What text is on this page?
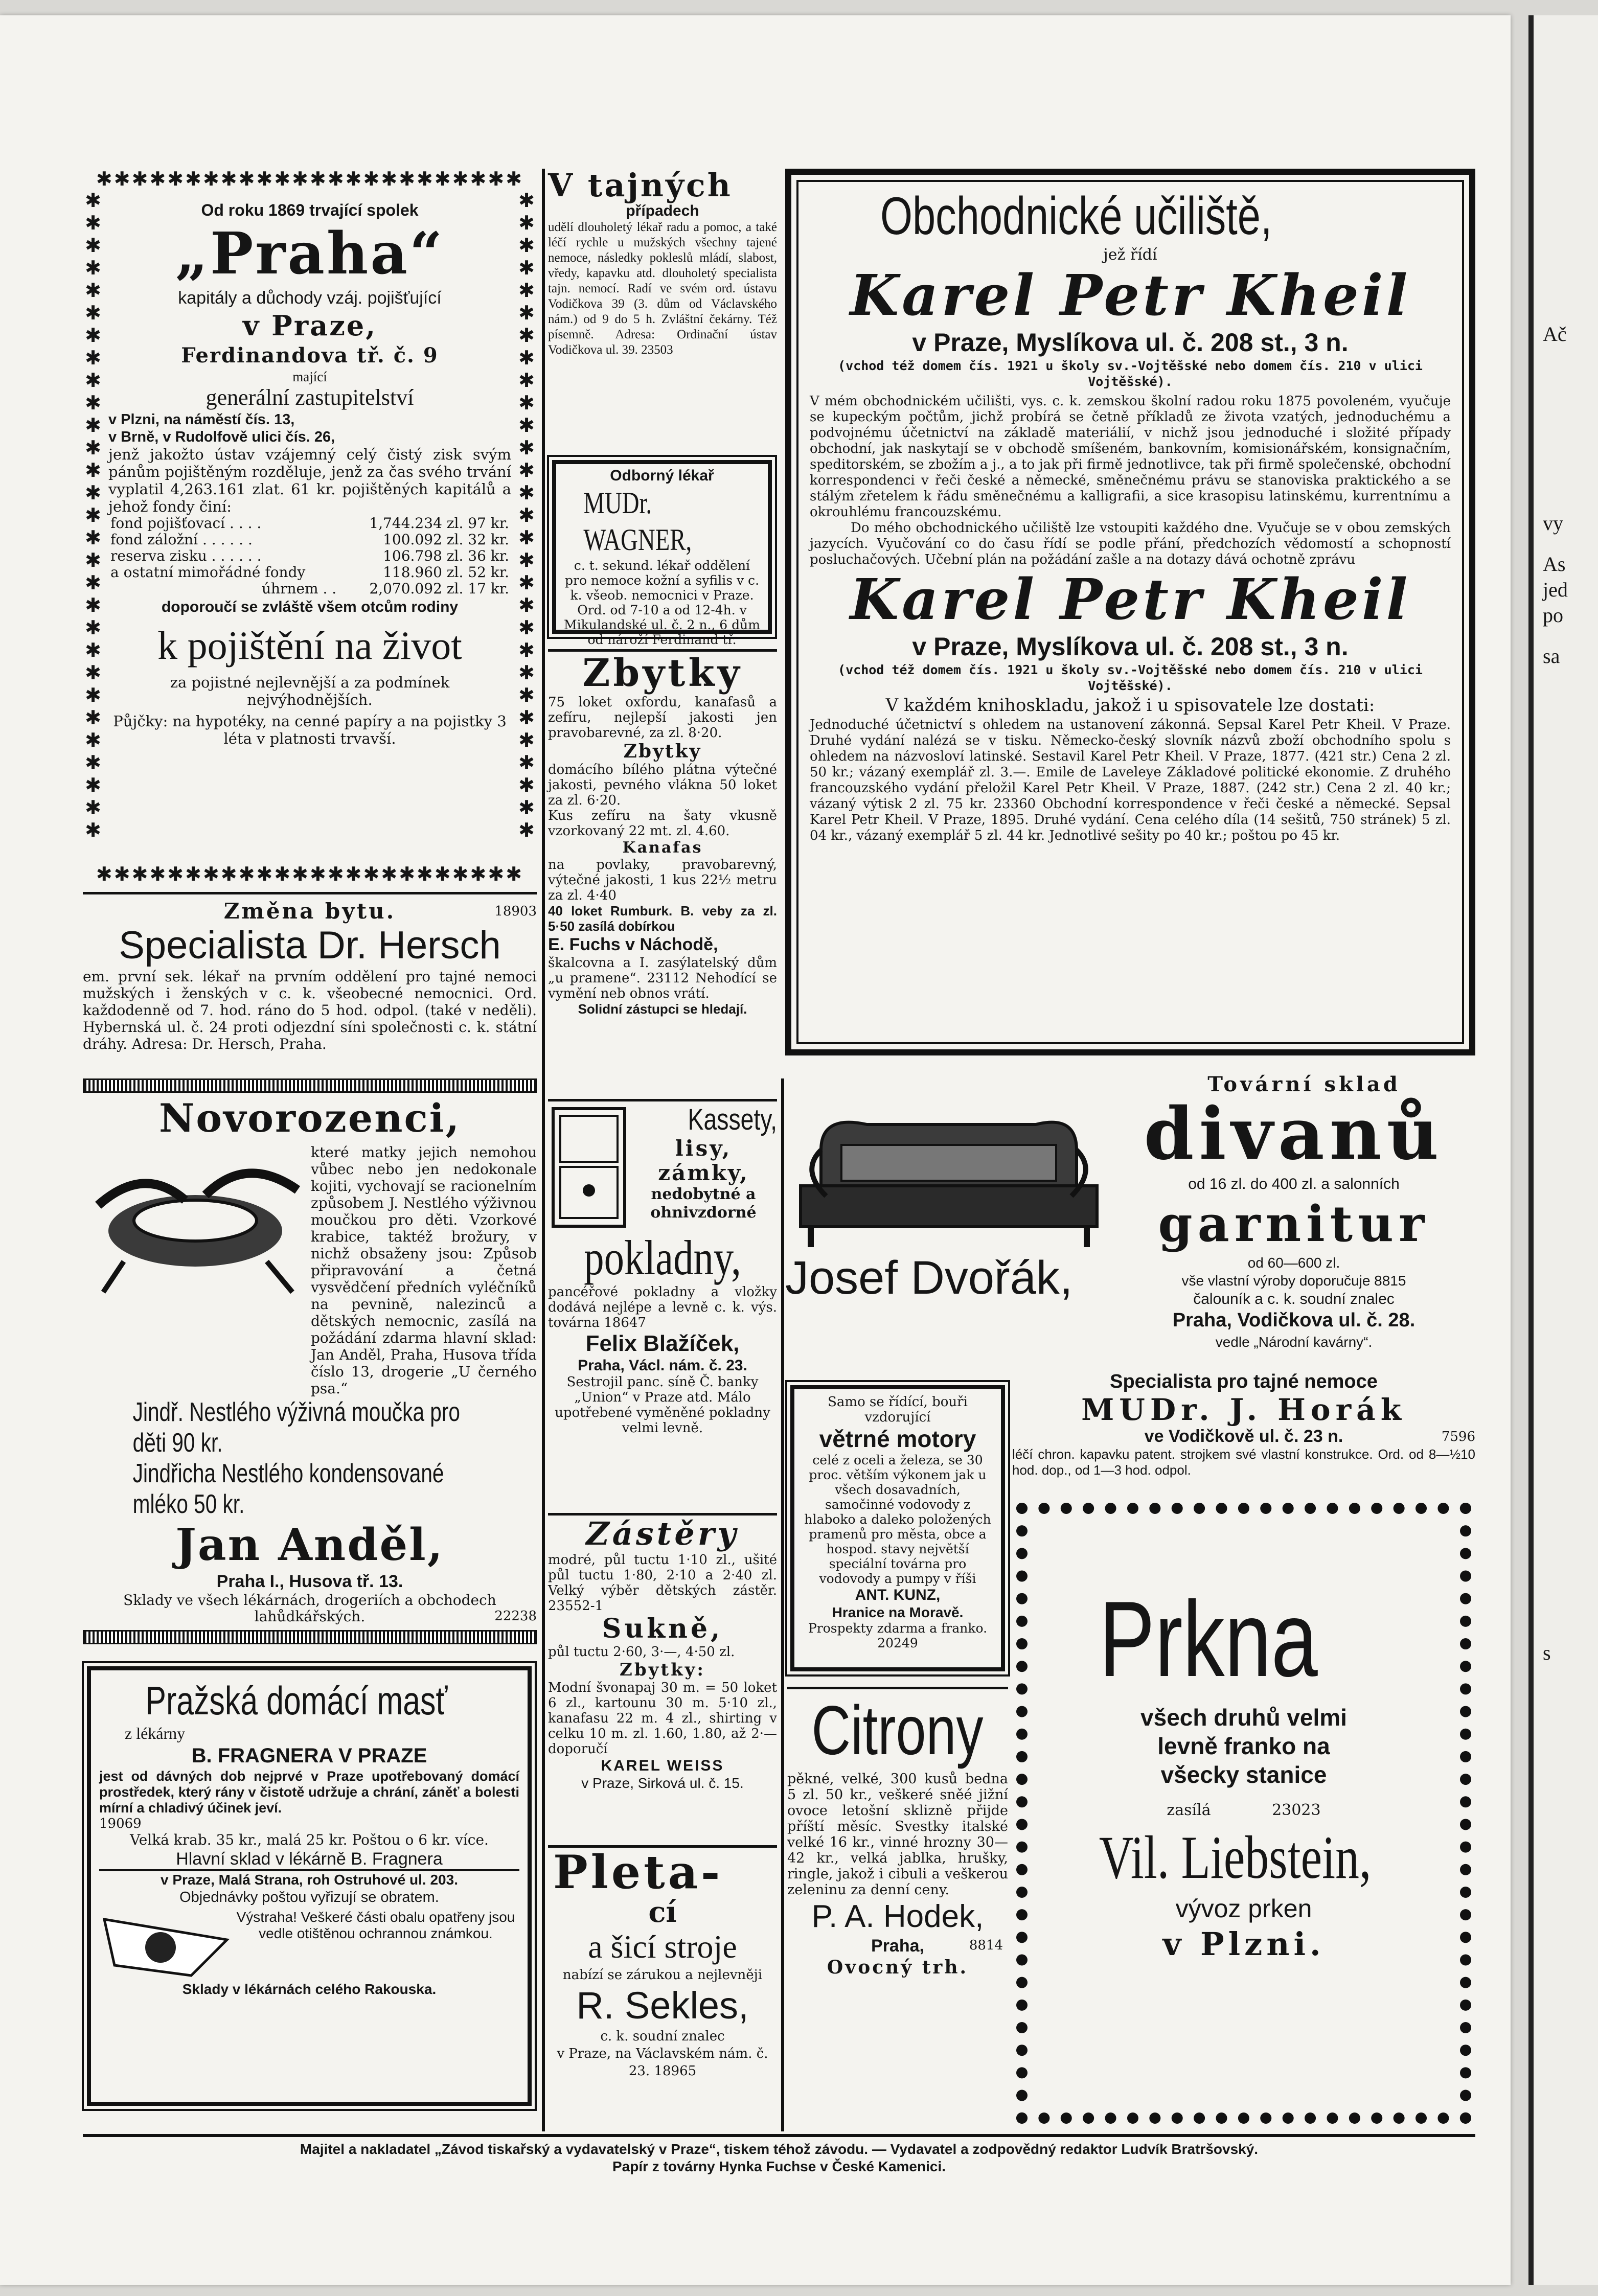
Ač
vy
As
jed
po
sa
s
✱✱✱✱✱✱✱✱✱✱✱✱✱✱✱✱✱✱✱✱✱✱✱✱
✱✱✱✱✱✱✱✱✱✱✱✱✱✱✱✱✱✱✱✱✱✱✱✱
✱ ✱ ✱ ✱ ✱ ✱ ✱ ✱ ✱ ✱ ✱ ✱ ✱ ✱ ✱ ✱ ✱ ✱ ✱ ✱ ✱ ✱ ✱ ✱ ✱ ✱ ✱ ✱ ✱
✱ ✱ ✱ ✱ ✱ ✱ ✱ ✱ ✱ ✱ ✱ ✱ ✱ ✱ ✱ ✱ ✱ ✱ ✱ ✱ ✱ ✱ ✱ ✱ ✱ ✱ ✱ ✱ ✱
Od roku 1869 trvající spolek
„Praha“
kapitály a důchody vzáj. pojišťující
v Praze,
Ferdinandova tř. č. 9
mající
generální zastupitelství
v Plzni, na náměstí čís. 13,
v Brně, v Rudolfově ulici čís. 26,
jenž jakožto ústav vzájemný celý čistý zisk svým pánům pojištěným rozděluje, jenž za čas svého trvání vyplatil 4,263.161 zlat. 61 kr. pojištěných kapitálů a jehož fondy činí:
fond pojišťovací . . . .	1,744.234 zl. 97 kr.
fond záložní . . . . . .	100.092 zl. 32 kr.
reserva zisku . . . . . .	106.798 zl. 36 kr.
a ostatní mimořádné fondy	118.960 zl. 52 kr.
úhrnem . .	2,070.092 zl. 17 kr.
doporoučí se zvláště všem otcům rodiny
k pojištění na život
za pojistné nejlevnější a za podmínek nejvýhodnějších.
Půjčky: na hypotéky, na cenné papíry a na pojistky 3 léta v platnosti trvavší.
Změna bytu.	18903
Specialista Dr. Hersch
em. první sek. lékař na prvním oddělení pro tajné nemoci mužských i ženských v c. k. všeobecné nemocnici. Ord. každodenně od 7. hod. ráno do 5 hod. odpol. (také v neděli). Hybernská ul. č. 24 proti odjezdní síni společnosti c. k. státní dráhy. Adresa: Dr. Hersch, Praha.
Novorozenci,
které matky jejich nemohou vůbec nebo jen nedokonale kojiti, vychovají se racionelním způsobem J. Nestlého výživnou moučkou pro děti. Vzorkové krabice, taktéž brožury, v nichž obsaženy jsou: Způsob připravování a četná vysvědčení předních vyléčníků na pevnině, nalezinců a dětských nemocnic, zasílá na požádání zdarma hlavní sklad: Jan Anděl, Praha, Husova třída číslo 13, drogerie „U černého psa.“
Jindř. Nestlého výživná moučka pro děti 90 kr.
Jindřicha Nestlého kondensované mléko 50 kr.
Jan Anděl,
Praha I., Husova tř. 13.
Sklady ve všech lékárnách, drogeriích a obchodech lahůdkářských.	22238
Pražská domácí masť
z lékárny
B. FRAGNERA V PRAZE
jest od dávných dob nejprvé v Praze upotřebovaný domácí prostředek, který rány v čistotě udržuje a chrání, záněť a bolesti mírní a chladivý účinek jeví.
19069
Velká krab. 35 kr., malá 25 kr. Poštou o 6 kr. více.
Hlavní sklad v lékárně B. Fragnera
v Praze, Malá Strana, roh Ostruhové ul. 203.
Objednávky poštou vyřizují se obratem.
Výstraha! Veškeré části obalu opatřeny jsou vedle otištěnou ochrannou známkou.
Sklady v lékárnách celého Rakouska.
V tajných
případech
udělí dlouholetý lékař radu a pomoc, a také léčí rychle u mužských všechny tajené nemoce, následky pokleslů mládí, slabost, vředy, kapavku atd. dlouholetý specialista tajn. nemocí. Radí ve svém ord. ústavu Vodičkova 39 (3. dům od Václavského nám.) od 9 do 5 h. Zvláštní čekárny. Též písemně. Adresa: Ordinační ústav Vodičkova ul. 39. 23503
Odborný lékař
MUDr. WAGNER,
c. t. sekund. lékař oddělení pro nemoce kožní a syfilis v c. k. všeob. nemocnici v Praze. Ord. od 7-10 a od 12-4h. v Mikulandské ul. č. 2 n., 6 dům od nároží Ferdinand tř.
Zbytky
75 loket oxfordu, kanafasů a zefíru, nejlepší jakosti jen pravobarevné, za zl. 8·20.
Zbytky
domácího bílého plátna výtečné jakosti, pevného vlákna 50 loket za zl. 6·20.
Kus zefíru na šaty vkusně vzorkovaný 22 mt. zl. 4.60.
Kanafas
na povlaky, pravobarevný, výtečné jakosti, 1 kus 22½ metru za zl. 4·40
40 loket Rumburk. B. veby za zl. 5·50 zasílá dobírkou
E. Fuchs v Náchodě,
škalcovna a I. zasýlatelský dům „u pramene“. 23112 Nehodící se vymění neb obnos vrátí.
Solidní zástupci se hledají.
Kassety,
lisy,
zámky,
nedobytné a ohnivzdorné
pokladny,
pancéřové pokladny a vložky dodává nejlépe a levně c. k. výs. továrna 18647
Felix Blažíček,
Praha, Václ. nám. č. 23.
Sestrojil panc. síně Č. banky „Union“ v Praze atd. Málo upotřebené vyměněné pokladny velmi levně.
Zástěry
modré, půl tuctu 1·10 zl., ušité půl tuctu 1·80, 2·10 a 2·40 zl. Velký výběr dětských zástěr. 23552-1
Sukně,
půl tuctu 2·60, 3·—, 4·50 zl.
Zbytky:
Modní švonapaj 30 m. = 50 loket 6 zl., kartounu 30 m. 5·10 zl., kanafasu 22 m. 4 zl., shirting v celku 10 m. zl. 1.60, 1.80, až 2·— doporučí
KAREL WEISS
v Praze, Sirková ul. č. 15.
Pleta-
cí
a šicí stroje
nabízí se zárukou a nejlevněji
R. Sekles,
c. k. soudní znalec
v Praze, na Václavském nám. č. 23. 18965
Obchodnické učiliště,
jež řídí
Karel Petr Kheil
v Praze, Myslíkova ul. č. 208 st., 3 n.
(vchod též domem čís. 1921 u školy sv.-Vojtěšské nebo domem čís. 210 v ulici Vojtěšské).
V mém obchodnickém učilišti, vys. c. k. zemskou školní radou roku 1875 povoleném, vyučuje se kupeckým počtům, jichž probírá se četně příkladů ze života vzatých, jednoduchému a podvojnému účetnictví na základě materiálií, v nichž jsou jednoduché i složité případy obchodní, jak naskytají se v obchodě smíšeném, bankovním, komisionářském, konsignačním, speditorském, se zbožím a j., a to jak při firmě jednotlivce, tak při firmě společenské, obchodní korrespondenci v řeči české a německé, směnečnému právu se stanoviska praktického a se stálým zřetelem k řádu směnečnému a kalligrafii, a sice krasopisu latinskému, kurrentnímu a okrouhlému francouzskému.
Do mého obchodnického učiliště lze vstoupiti každého dne. Vyučuje se v obou zemských jazycích. Vyučování co do času řídí se podle přání, předchozích vědomostí a schopností posluchačových. Učební plán na požádání zašle a na dotazy dává ochotně zprávu
Karel Petr Kheil
v Praze, Myslíkova ul. č. 208 st., 3 n.
(vchod též domem čís. 1921 u školy sv.-Vojtěšské nebo domem čís. 210 v ulici Vojtěšské).
V každém knihoskladu, jakož i u spisovatele lze dostati:
Jednoduché účetnictví s ohledem na ustanovení zákonná. Sepsal Karel Petr Kheil. V Praze. Druhé vydání nalézá se v tisku. Německo-český slovník názvů zboží obchodního spolu s ohledem na názvosloví latinské. Sestavil Karel Petr Kheil. V Praze, 1877. (421 str.) Cena 2 zl. 50 kr.; vázaný exemplář zl. 3.—. Emile de Laveleye Základové politické ekonomie. Z druhého francouzského vydání přeložil Karel Petr Kheil. V Praze, 1887. (242 str.) Cena 2 zl. 40 kr.; vázaný výtisk 2 zl. 75 kr. 23360 Obchodní korrespondence v řeči české a německé. Sepsal Karel Petr Kheil. V Praze, 1895. Druhé vydání. Cena celého díla (14 sešitů, 750 stránek) 5 zl. 04 kr., vázaný exemplář 5 zl. 44 kr. Jednotlivé sešity po 40 kr.; poštou po 45 kr.
Tovární sklad
divanů
od 16 zl. do 400 zl. a salonních
garnitur
od 60—600 zl.
vše vlastní výroby doporučuje 8815
Josef Dvořák,	čalouník a c. k. soudní znalec
Praha, Vodičkova ul. č. 28.
vedle „Národní kavárny“.
Samo se řídící, bouři vzdorující
větrné motory
celé z oceli a železa, se 30 proc. větším výkonem jak u všech dosavadních, samočinné vodovody z hlaboko a daleko položených pramenů pro města, obce a hospod. stavy největší speciální továrna pro vodovody a pumpy v říši
ANT. KUNZ,
Hranice na Moravě.
Prospekty zdarma a franko. 20249
Citrony
pěkné, velké, 300 kusů bedna 5 zl. 50 kr., veškeré sněé jižní ovoce letošní sklizně přijde příští měsíc. Svestky italské velké 16 kr., vinné hrozny 30—42 kr., velká jablka, hrušky, ringle, jakož i cibuli a veškerou zeleninu za denní ceny.
P. A. Hodek,
Praha,	8814
Ovocný trh.
Specialista pro tajné nemoce
MUDr. J. Horák
ve Vodičkově ul. č. 23 n.	7596
léčí chron. kapavku patent. strojkem své vlastní konstrukce. Ord. od 8—½10 hod. dop., od 1—3 hod. odpol.
Prkna
všech druhů velmi
levně franko na
všecky stanice
zasílá	23023
Vil. Liebstein,
vývoz prken
v Plzni.
Majitel a nakladatel „Závod tiskařský a vydavatelský v Praze“, tiskem téhož závodu. — Vydavatel a zodpovědný redaktor Ludvík Bratršovský.
Papír z továrny Hynka Fuchse v České Kamenici.
